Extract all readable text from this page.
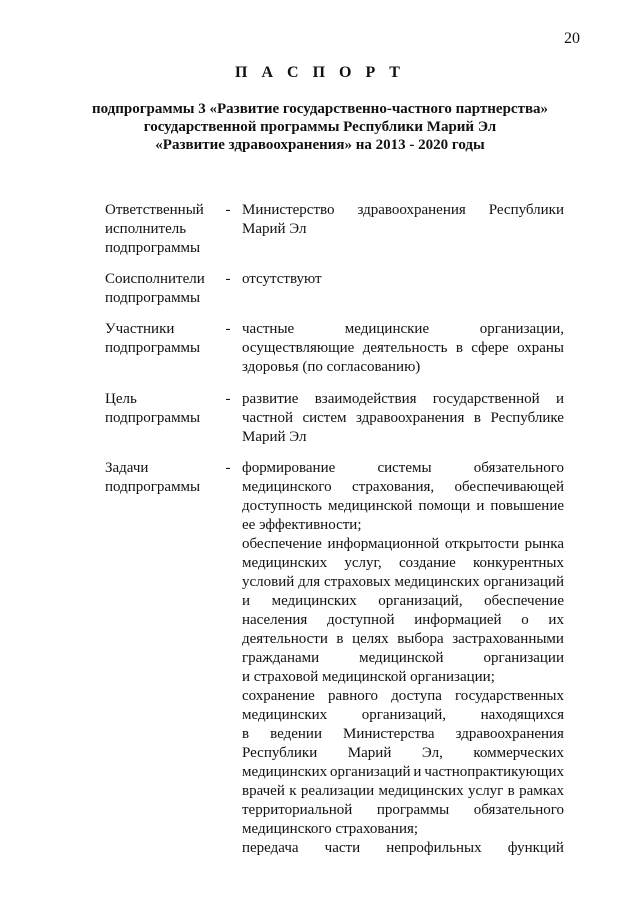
20
П А С П О Р Т
подпрограммы 3 «Развитие государственно-частного партнерства»
государственной программы Республики Марий Эл
«Развитие здравоохранения» на 2013 - 2020 годы
Ответственный
исполнитель
подпрограммы
- Министерство здравоохранения Республики
Марий Эл
Соисполнители
подпрограммы
- отсутствуют
Участники
подпрограммы
- частные	медицинские	организации,
осуществляющие деятельность в сфере охраны
здоровья (по согласованию)
Цель
подпрограммы
- развитие взаимодействия государственной и
частной систем здравоохранения в Республике
Марий Эл
Задачи
подпрограммы
- формирование	системы	обязательного
медицинского страхования, обеспечивающей
доступность медицинской помощи и повышение
ее эффективности;
обеспечение информационной открытости рынка
медицинских услуг, создание конкурентных
условий для страховых медицинских организаций
и медицинских организаций, обеспечение
населения доступной информацией о их
деятельности в целях выбора застрахованными
гражданами	медицинской	организации
и страховой медицинской организации;
сохранение равного доступа государственных
медицинских организаций, находящихся
в ведении Министерства здравоохранения
Республики Марий Эл, коммерческих
медицинских организаций и частнопрактикующих
врачей к реализации медицинских услуг в рамках
территориальной программы обязательного
медицинского страхования;
передача части непрофильных функций
